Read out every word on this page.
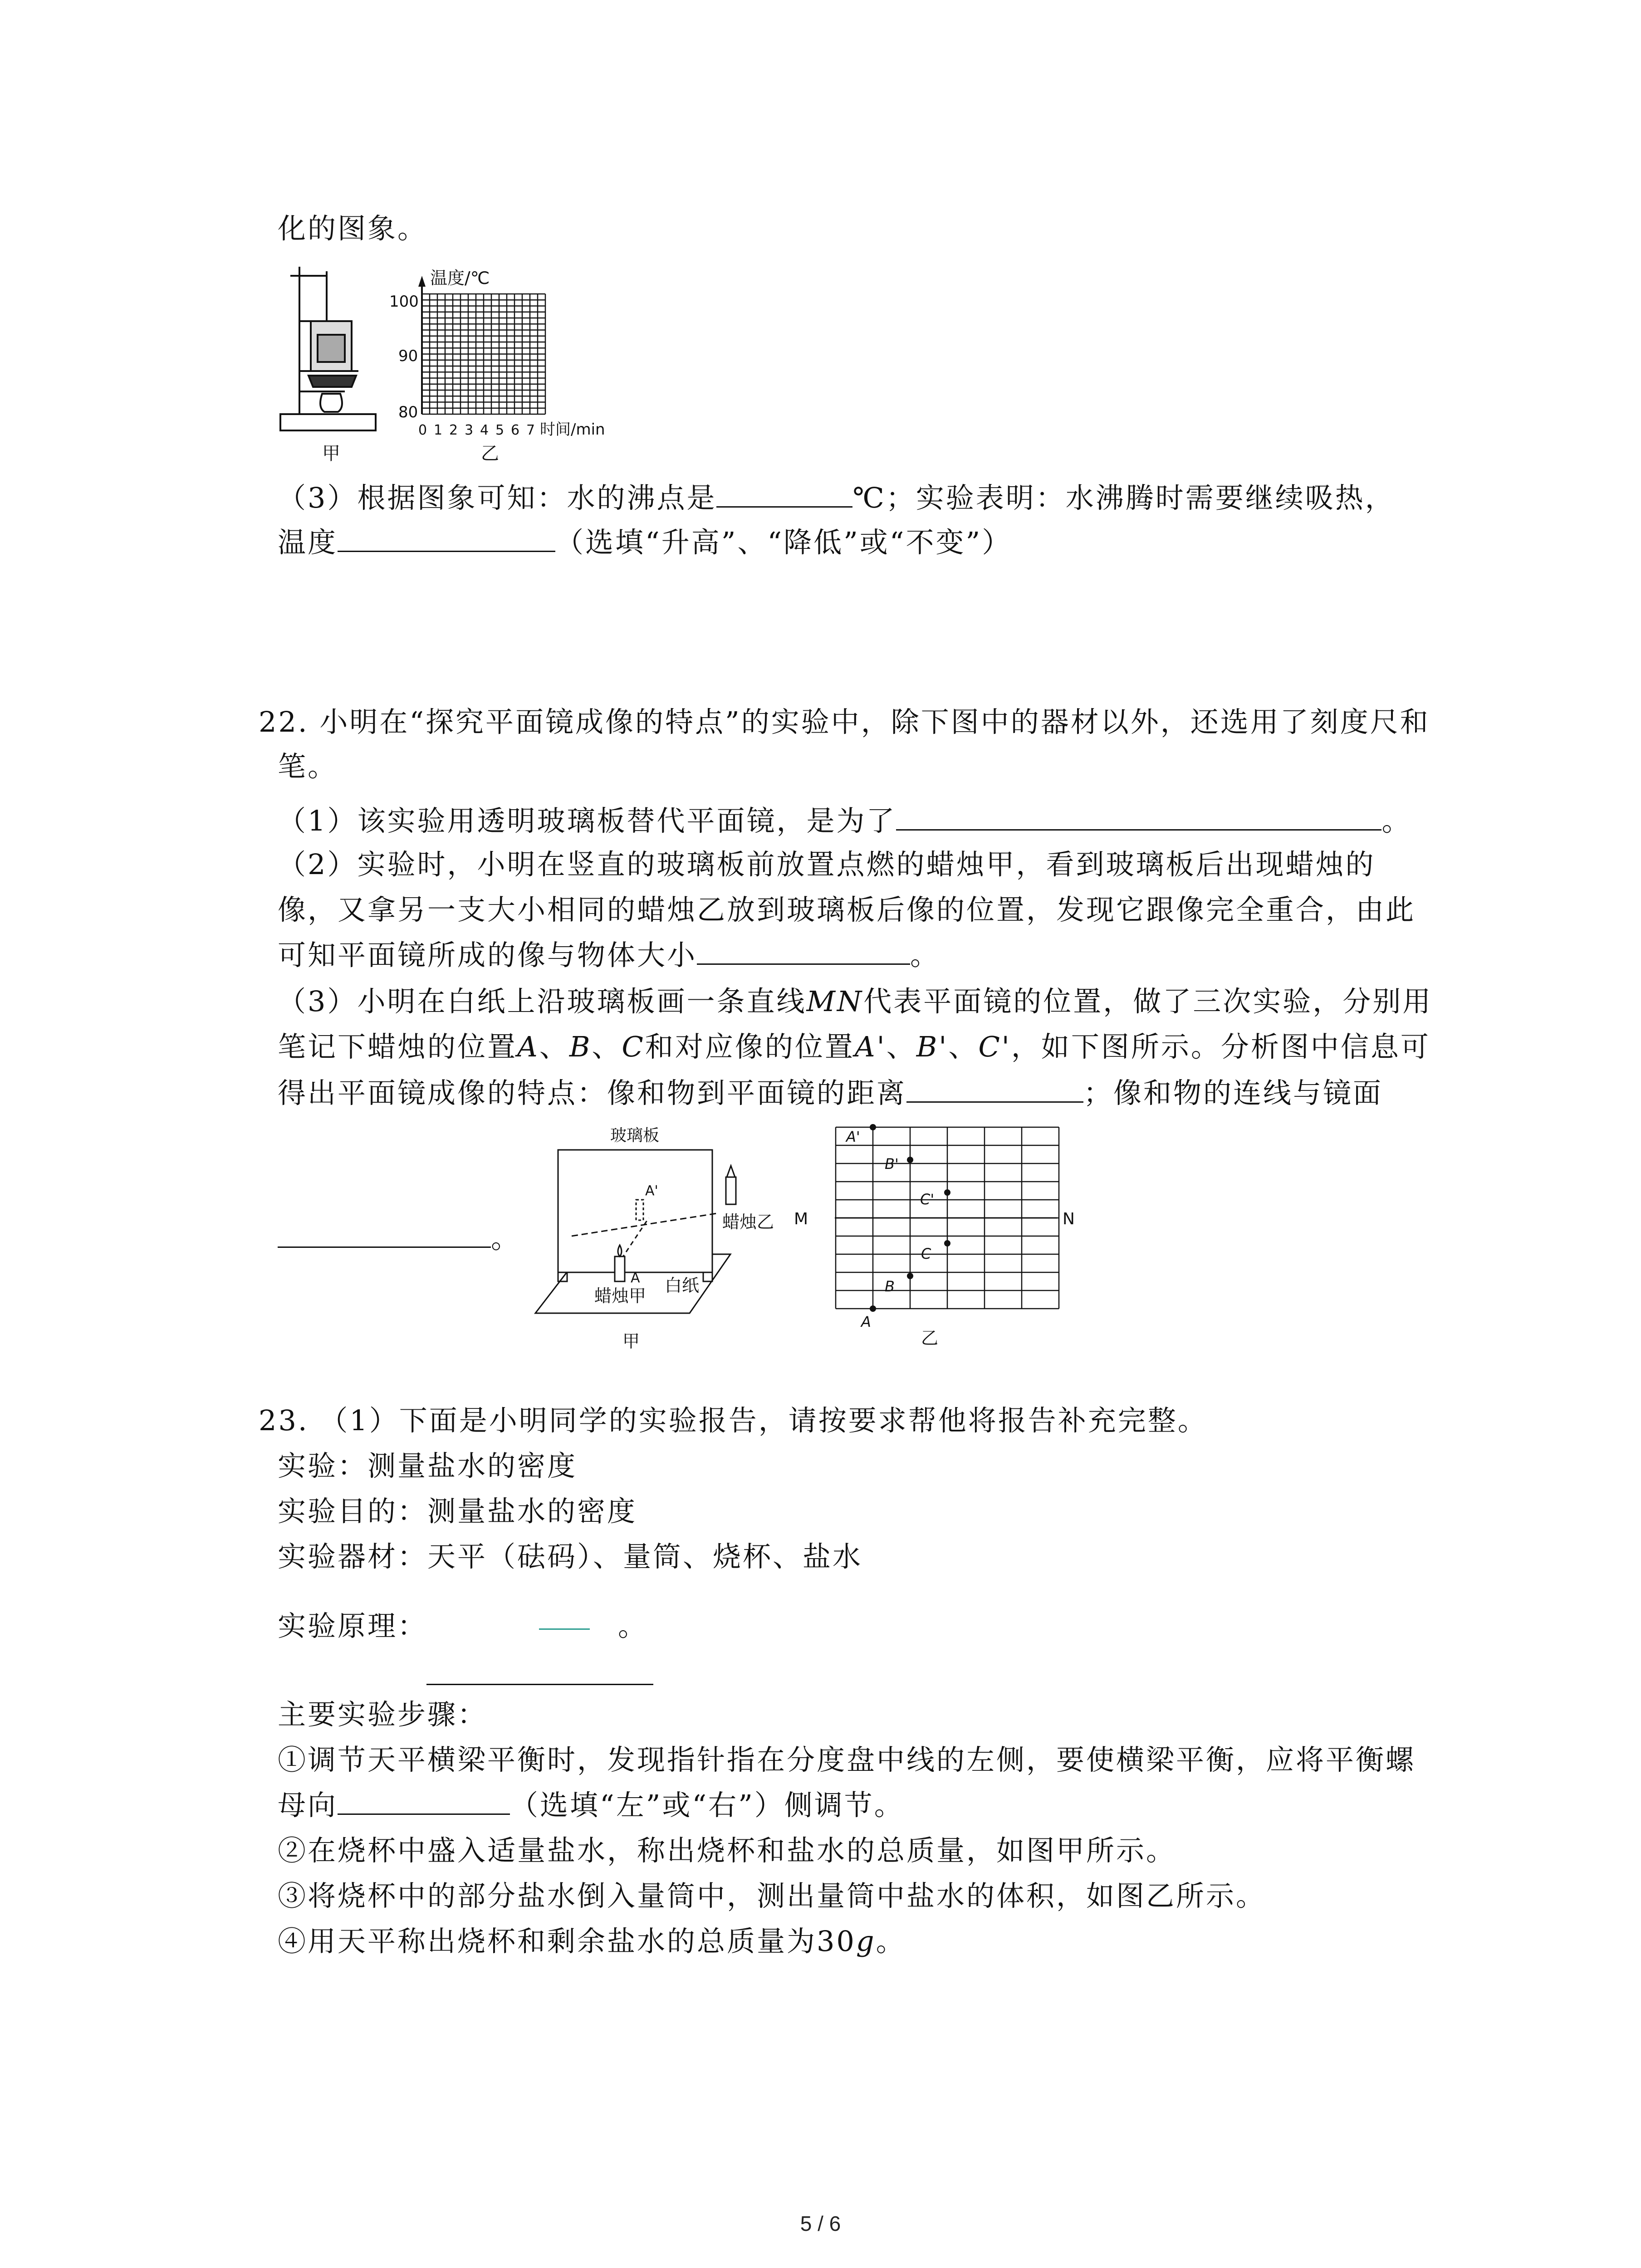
化的图象。
甲
温度/℃
100
90
80
0 1 2 3 4 5 6 7 时间/min
乙
（3）根据图象可知：水的沸点是	℃；实验表明：水沸腾时需要继续吸热，
温度	（选填“升高”、“降低”或“不变”）
22. 小明在“探究平面镜成像的特点”的实验中，除下图中的器材以外，还选用了刻度尺和
笔。
（1）该实验用透明玻璃板替代平面镜，是为了	。
（2）实验时，小明在竖直的玻璃板前放置点燃的蜡烛甲，看到玻璃板后出现蜡烛的
像，又拿另一支大小相同的蜡烛乙放到玻璃板后像的位置，发现它跟像完全重合，由此
可知平面镜所成的像与物体大小	。
（3）小明在白纸上沿玻璃板画一条直线MN代表平面镜的位置，做了三次实验，分别用
笔记下蜡烛的位置A、B、C和对应像的位置A'、B'、C'，如下图所示。分析图中信息可
得出平面镜成像的特点：像和物到平面镜的距离	；像和物的连线与镜面
。
玻璃板
A'
蜡烛乙
A
蜡烛甲
白纸
甲
M	N
A'
B'
C'
C
B
A
乙
23. （1）下面是小明同学的实验报告，请按要求帮他将报告补充完整。
实验：测量盐水的密度
实验目的：测量盐水的密度
实验器材：天平（砝码）、量筒、烧杯、盐水
实验原理：	。
主要实验步骤：
①调节天平横梁平衡时，发现指针指在分度盘中线的左侧，要使横梁平衡，应将平衡螺
母向	（选填“左”或“右”）侧调节。
②在烧杯中盛入适量盐水，称出烧杯和盐水的总质量，如图甲所示。
③将烧杯中的部分盐水倒入量筒中，测出量筒中盐水的体积，如图乙所示。
④用天平称出烧杯和剩余盐水的总质量为30g。
5 / 6
